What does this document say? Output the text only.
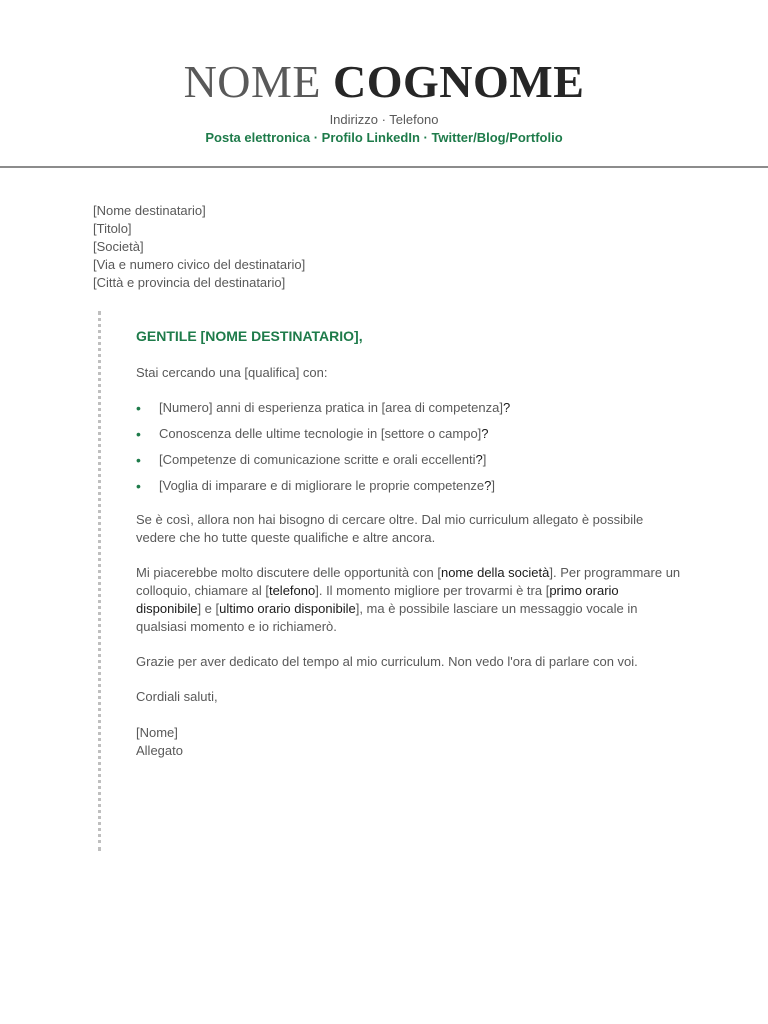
NOME COGNOME
Indirizzo · Telefono
Posta elettronica · Profilo LinkedIn · Twitter/Blog/Portfolio
[Nome destinatario]
[Titolo]
[Società]
[Via e numero civico del destinatario]
[Città e provincia del destinatario]
GENTILE [NOME DESTINATARIO],

Stai cercando una [qualifica] con:

• [Numero] anni di esperienza pratica in [area di competenza]?
• Conoscenza delle ultime tecnologie in [settore o campo]?
• [Competenze di comunicazione scritte e orali eccellenti?]
• [Voglia di imparare e di migliorare le proprie competenze?]

Se è così, allora non hai bisogno di cercare oltre. Dal mio curriculum allegato è possibile vedere che ho tutte queste qualifiche e altre ancora.

Mi piacerebbe molto discutere delle opportunità con [nome della società]. Per programmare un colloquio, chiamare al [telefono]. Il momento migliore per trovarmi è tra [primo orario disponibile] e [ultimo orario disponibile], ma è possibile lasciare un messaggio vocale in qualsiasi momento e io richiamerò.

Grazie per aver dedicato del tempo al mio curriculum. Non vedo l'ora di parlare con voi.

Cordiali saluti,
[Nome]
Allegato
